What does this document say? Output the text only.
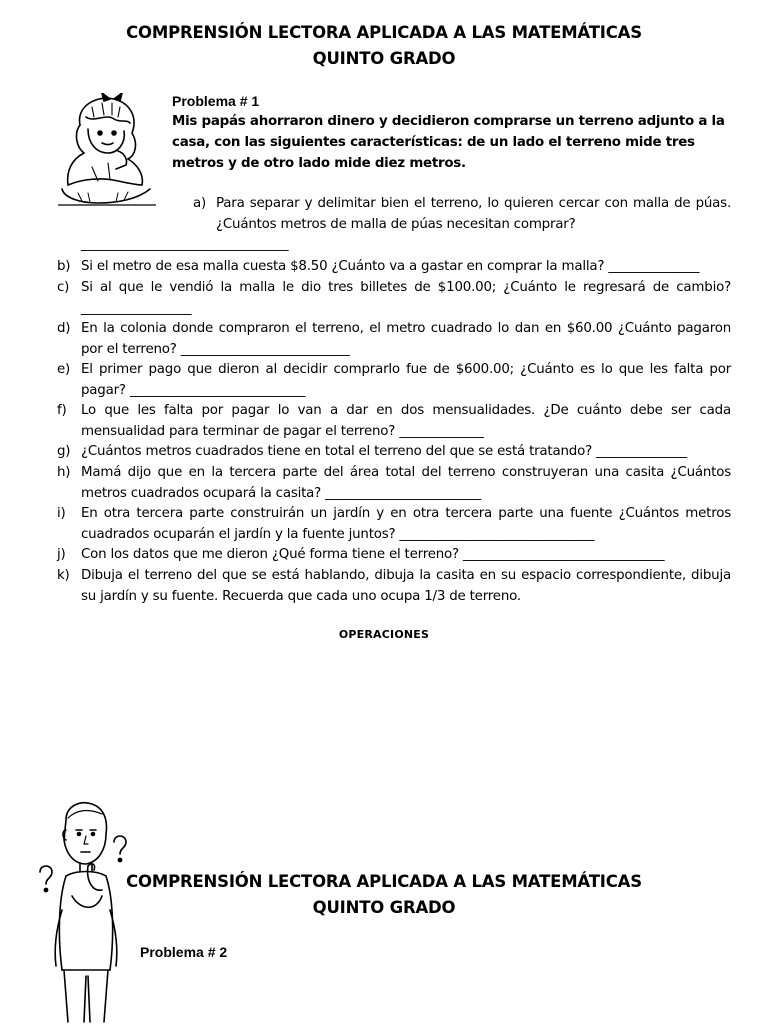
COMPRENSIÓN LECTORA APLICADA A LAS MATEMÁTICAS
QUINTO GRADO
Problema # 1

Mis papás ahorraron dinero y decidieron comprarse un terreno adjunto a la casa, con las siguientes características: de un lado el terreno mide tres metros y de otro lado mide diez metros.

a) Para separar y delimitar bien el terreno, lo quieren cercar con malla de púas. ¿Cuántos metros de malla de púas necesitan comprar?
_______________________________
b) Si el metro de esa malla cuesta $8.50 ¿Cuánto va a gastar en comprar la malla? ______________
c) Si al que le vendió la malla le dio tres billetes de $100.00; ¿Cuánto le regresará de cambio? _________________
d) En la colonia donde compraron el terreno, el metro cuadrado lo dan en $60.00 ¿Cuánto pagaron por el terreno? __________________________
e) El primer pago que dieron al decidir comprarlo fue de $600.00; ¿Cuánto es lo que les falta por pagar? ___________________________
f) Lo que les falta por pagar lo van a dar en dos mensualidades. ¿De cuánto debe ser cada mensualidad para terminar de pagar el terreno? _____________
g) ¿Cuántos metros cuadrados tiene en total el terreno del que se está tratando? ______________
h) Mamá dijo que en la tercera parte del área total del terreno construyeran una casita ¿Cuántos metros cuadrados ocupará la casita? ________________________
i) En otra tercera parte construirán un jardín y en otra tercera parte una fuente ¿Cuántos metros cuadrados ocuparán el jardín y la fuente juntos? ______________________________
j) Con los datos que me dieron ¿Qué forma tiene el terreno? _______________________________
k) Dibuja el terreno del que se está hablando, dibuja la casita en su espacio correspondiente, dibuja su jardín y su fuente. Recuerda que cada uno ocupa 1/3 de terreno.
OPERACIONES
COMPRENSIÓN LECTORA APLICADA A LAS MATEMÁTICAS
QUINTO GRADO
Problema # 2
